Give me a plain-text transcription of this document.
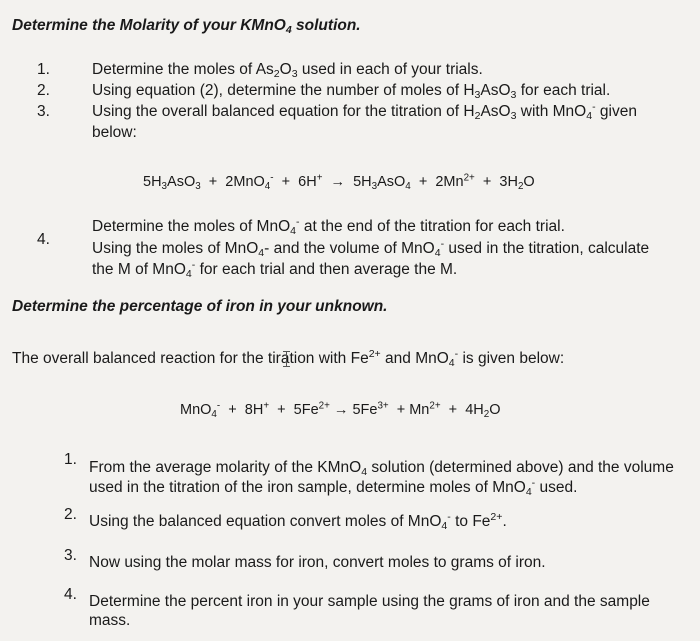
Determine the Molarity of your KMnO$_4$ solution.
1.
2.
3.
4.
Determine the moles of $As_2O_3$ used in each of your trials.
Using equation (2), determine the number of moles of $H_3AsO_3$ for each trial.
Using the overall balanced equation for the titration of $H_2AsO_3$ with MnO$_4$- given
below:
$5H_3AsO_3 + 2MnO_4^- + 6H^+ \to 5H_3AsO_4 + 2Mn^{2+} + 3H_2O$
Determine the moles of MnO$_4$- at the end of the titration for each trial.
Using the moles of MnO$_4$- and the volume of MnO$_4$- used in the titration, calculate
the M of MnO$_4$- for each trial and then average the M.
Determine the percentage of iron in your unknown.
The overall balanced reaction for the tiration with $Fe^{2+}$ and MnO$_4$- is given below:
$MnO_4^- + 8H^+ + 5Fe^{2+} \to 5Fe^{3+} + Mn^{2+} + 4H_2O$
1.
2.
3.
4.
From the average molarity of the KMnO$_4$ solution (determined above) and the volume
used in the titration of the iron sample, determine moles of MnO$_4$- used.
Using the balanced equation convert moles of MnO$_4$- to $Fe^{2+}$.
Now using the molar mass for iron, convert moles to grams of iron.
Determine the percent iron in your sample using the grams of iron and the sample
mass.
